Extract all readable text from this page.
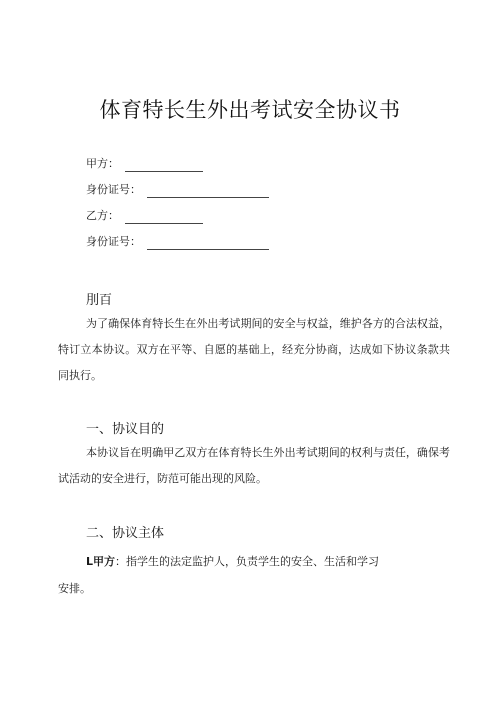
体育特长生外出考试安全协议书
甲方：
身份证号：
乙方：
身份证号：
刖百
为了确保体育特长生在外出考试期间的安全与权益，维护各方的合法权益，特订立本协议。双方在平等、自愿的基础上，经充分协商，达成如下协议条款共同执行。
一、协议目的
本协议旨在明确甲乙双方在体育特长生外出考试期间的权利与责任，确保考试活动的安全进行，防范可能出现的风险。
二、协议主体
L甲方：指学生的法定监护人，负责学生的安全、生活和学习
安排。
